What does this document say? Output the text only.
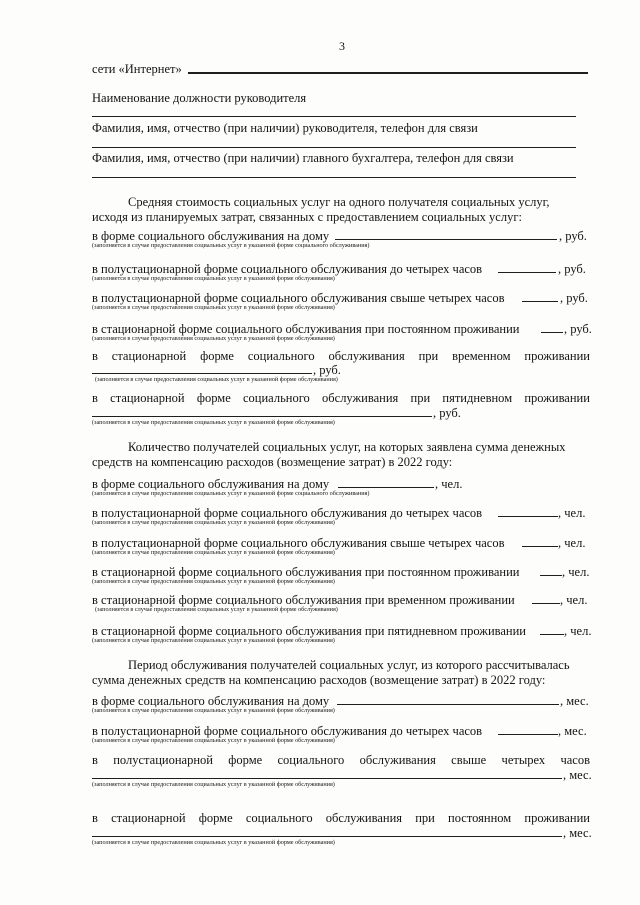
3
сети «Интернет»
Наименование должности руководителя
Фамилия, имя, отчество (при наличии) руководителя, телефон для связи
Фамилия, имя, отчество (при наличии) главного бухгалтера, телефон для связи
Средняя стоимость социальных услуг на одного получателя социальных услуг,
исходя из планируемых затрат, связанных с предоставлением социальных услуг:
в форме социального обслуживания на дому	, руб.
(заполняется в случае предоставления социальных услуг в указанной форме социального обслуживания)
в полустационарной форме социального обслуживания до четырех часов	, руб.
(заполняется в случае предоставления социальных услуг в указанной форме обслуживания)
в полустационарной форме социального обслуживания свыше четырех часов	, руб.
(заполняется в случае предоставления социальных услуг в указанной форме обслуживания)
в стационарной форме социального обслуживания при постоянном проживании	, руб.
(заполняется в случае предоставления социальных услуг в указанной форме обслуживания)
в стационарной форме социального обслуживания при временном проживании
, руб.
(заполняется в случае предоставления социальных услуг в указанной форме обслуживания)
в стационарной форме социального обслуживания при пятидневном проживании
, руб.
(заполняется в случае предоставления социальных услуг в указанной форме обслуживания)
Количество получателей социальных услуг, на которых заявлена сумма денежных
средств на компенсацию расходов (возмещение затрат) в 2022 году:
в форме социального обслуживания на дому	, чел.
(заполняется в случае предоставления социальных услуг в указанной форме социального обслуживания)
в полустационарной форме социального обслуживания до четырех часов	, чел.
(заполняется в случае предоставления социальных услуг в указанной форме обслуживания)
в полустационарной форме социального обслуживания свыше четырех часов	, чел.
(заполняется в случае предоставления социальных услуг в указанной форме обслуживания)
в стационарной форме социального обслуживания при постоянном проживании	, чел.
(заполняется в случае предоставления социальных услуг в указанной форме обслуживания)
в стационарной форме социального обслуживания при временном проживании	, чел.
(заполняется в случае предоставления социальных услуг в указанной форме обслуживания)
в стационарной форме социального обслуживания при пятидневном проживании	, чел.
(заполняется в случае предоставления социальных услуг в указанной форме обслуживания)
Период обслуживания получателей социальных услуг, из которого рассчитывалась
сумма денежных средств на компенсацию расходов (возмещение затрат) в 2022 году:
в форме социального обслуживания на дому	, мес.
(заполняется в случае предоставления социальных услуг в указанной форме обслуживания)
в полустационарной форме социального обслуживания до четырех часов	, мес.
(заполняется в случае предоставления социальных услуг в указанной форме обслуживания)
в полустационарной форме социального обслуживания свыше четырех часов
, мес.
(заполняется в случае предоставления социальных услуг в указанной форме обслуживания)
в стационарной форме социального обслуживания при постоянном проживании
, мес.
(заполняется в случае предоставления социальных услуг в указанной форме обслуживания)
